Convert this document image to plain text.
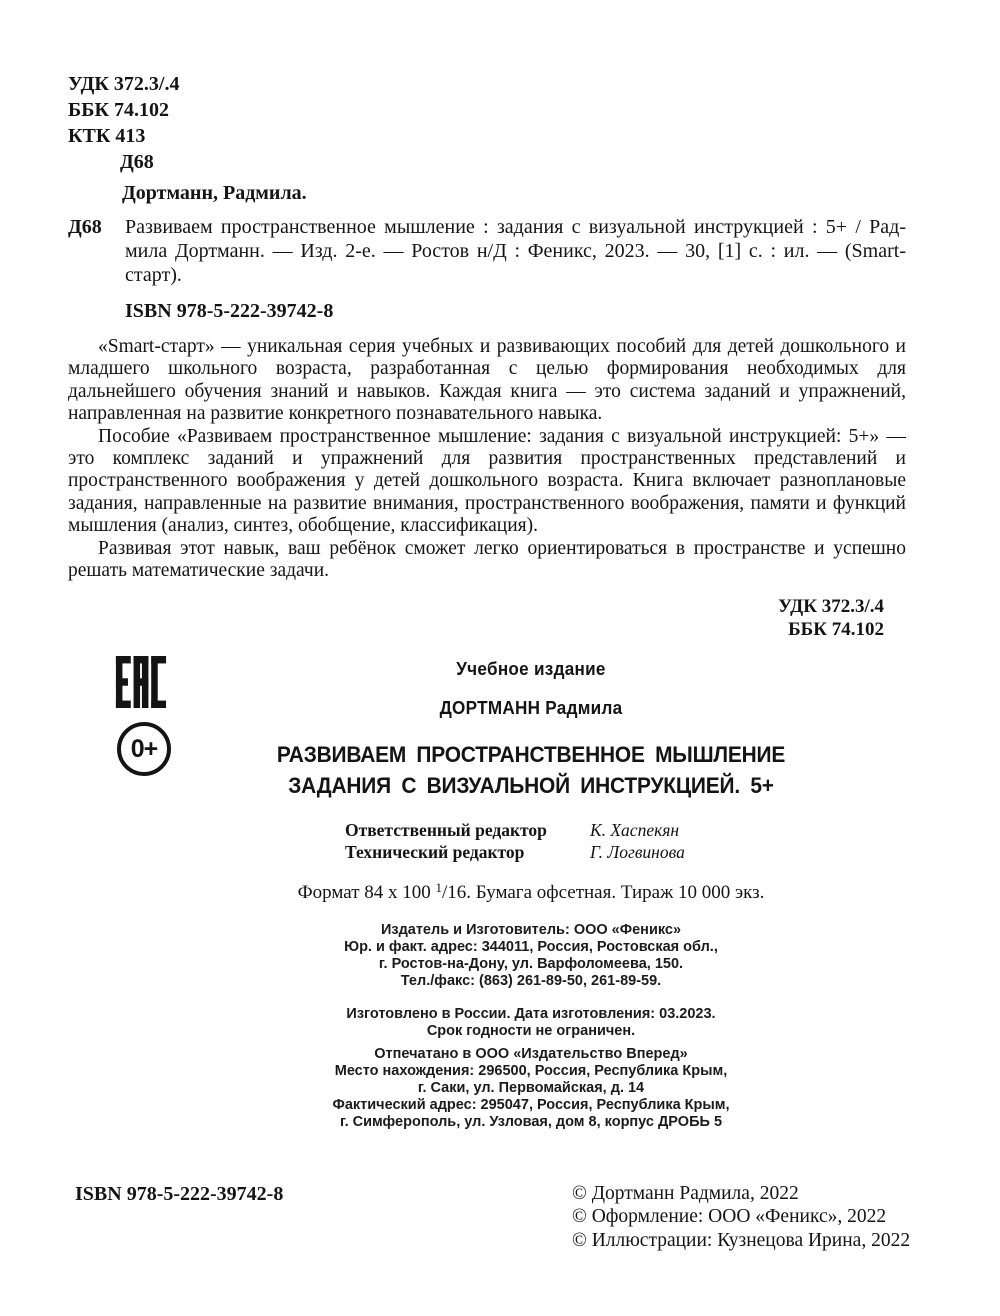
УДК 372.3/.4
ББК 74.102
КТК 413
Д68
Дортманн, Радмила.
Д68 Развиваем пространственное мышление : задания с визуальной инструкцией : 5+ / Рад-мила Дортманн. — Изд. 2-е. — Ростов н/Д : Феникс, 2023. — 30, [1] с. : ил. — (Smart-старт).

ISBN 978-5-222-39742-8

«Smart-старт» — уникальная серия учебных и развивающих пособий для детей дошкольного и младшего школьного возраста, разработанная с целью формирования необходимых для дальнейшего обучения знаний и навыков. Каждая книга — это система заданий и упражнений, направленная на развитие конкретного познавательного навыка.

Пособие «Развиваем пространственное мышление: задания с визуальной инструкцией: 5+» — это комплекс заданий и упражнений для развития пространственных представлений и пространственного воображения у детей дошкольного возраста. Книга включает разноплановые задания, направленные на развитие внимания, пространственного воображения, памяти и функций мышления (анализ, синтез, обобщение, классификация).

Развивая этот навык, ваш ребёнок сможет легко ориентироваться в пространстве и успешно решать математические задачи.

УДК 372.3/.4
ББК 74.102
0+
Учебное издание
ДОРТМАНН Радмила
РАЗВИВАЕМ ПРОСТРАНСТВЕННОЕ МЫШЛЕНИЕ
ЗАДАНИЯ С ВИЗУАЛЬНОЙ ИНСТРУКЦИЕЙ. 5+
Ответственный редактор	К. Хаспекян
Технический редактор	Г. Логвинова
Формат 84 х 100 $^1$/16. Бумага офсетная. Тираж 10 000 экз.
Издатель и Изготовитель: ООО «Феникс»
Юр. и факт. адрес: 344011, Россия, Ростовская обл.,
г. Ростов-на-Дону, ул. Варфоломеева, 150.
Тел./факс: (863) 261-89-50, 261-89-59.
Изготовлено в России. Дата изготовления: 03.2023.
Срок годности не ограничен.
Отпечатано в ООО «Издательство Вперед»
Место нахождения: 296500, Россия, Республика Крым,
г. Саки, ул. Первомайская, д. 14
Фактический адрес: 295047, Россия, Республика Крым,
г. Симферополь, ул. Узловая, дом 8, корпус ДРОБЬ 5
ISBN 978-5-222-39742-8	© Дортманн Радмила, 2022
© Оформление: ООО «Феникс», 2022
© Иллюстрации: Кузнецова Ирина, 2022
